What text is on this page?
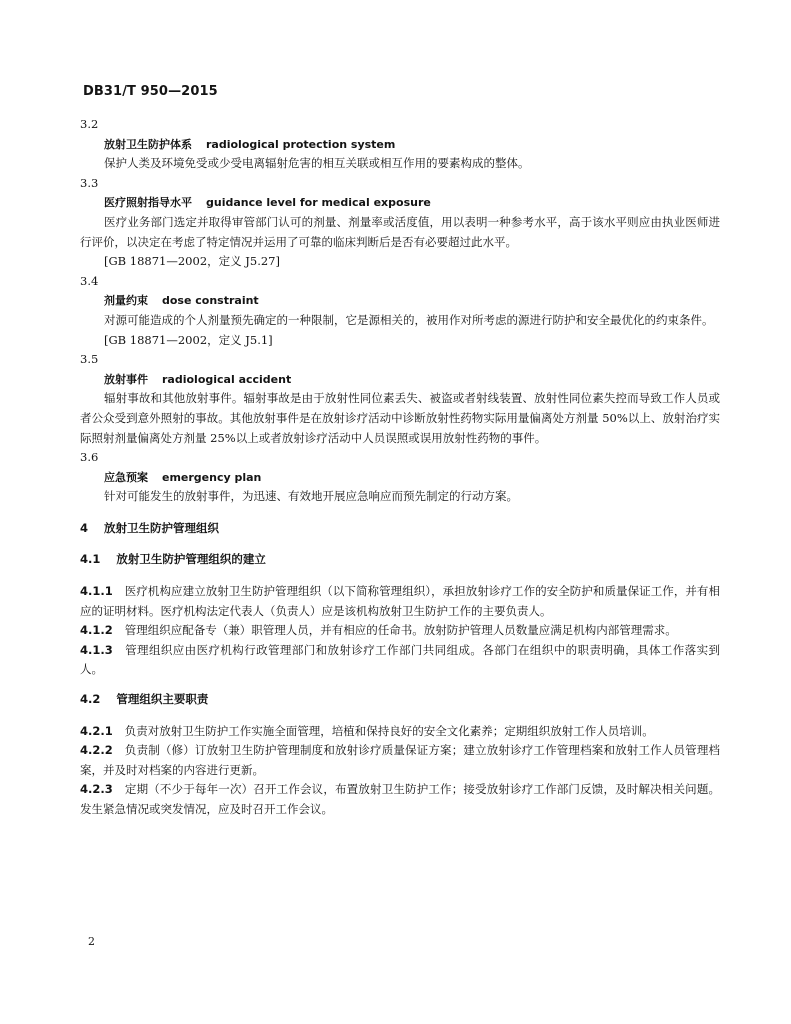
DB31/T 950—2015

3.2

放射卫生防护体系 radiological protection system

保护人类及环境免受或少受电离辐射危害的相互关联或相互作用的要素构成的整体。

3.3

医疗照射指导水平 guidance level for medical exposure

医疗业务部门选定并取得审管部门认可的剂量、剂量率或活度值，用以表明一种参考水平，高于该水平则应由执业医师进行评价，以决定在考虑了特定情况并运用了可靠的临床判断后是否有必要超过此水平。

[GB 18871—2002，定义 J5.27]

3.4

剂量约束 dose constraint

对源可能造成的个人剂量预先确定的一种限制，它是源相关的，被用作对所考虑的源进行防护和安全最优化的约束条件。

[GB 18871—2002，定义 J5.1]

3.5

放射事件 radiological accident

辐射事故和其他放射事件。辐射事故是由于放射性同位素丢失、被盗或者射线装置、放射性同位素失控而导致工作人员或者公众受到意外照射的事故。其他放射事件是在放射诊疗活动中诊断放射性药物实际用量偏离处方剂量 50%以上、放射治疗实际照射剂量偏离处方剂量 25%以上或者放射诊疗活动中人员误照或误用放射性药物的事件。

3.6

应急预案 emergency plan

针对可能发生的放射事件，为迅速、有效地开展应急响应而预先制定的行动方案。

4 放射卫生防护管理组织

4.1 放射卫生防护管理组织的建立

4.1.1 医疗机构应建立放射卫生防护管理组织（以下简称管理组织），承担放射诊疗工作的安全防护和质量保证工作，并有相应的证明材料。医疗机构法定代表人（负责人）应是该机构放射卫生防护工作的主要负责人。

4.1.2 管理组织应配备专（兼）职管理人员，并有相应的任命书。放射防护管理人员数量应满足机构内部管理需求。

4.1.3 管理组织应由医疗机构行政管理部门和放射诊疗工作部门共同组成。各部门在组织中的职责明确，具体工作落实到人。

4.2 管理组织主要职责

4.2.1 负责对放射卫生防护工作实施全面管理，培植和保持良好的安全文化素养；定期组织放射工作人员培训。

4.2.2 负责制（修）订放射卫生防护管理制度和放射诊疗质量保证方案；建立放射诊疗工作管理档案和放射工作人员管理档案，并及时对档案的内容进行更新。

4.2.3 定期（不少于每年一次）召开工作会议，布置放射卫生防护工作；接受放射诊疗工作部门反馈，及时解决相关问题。发生紧急情况或突发情况，应及时召开工作会议。

2
